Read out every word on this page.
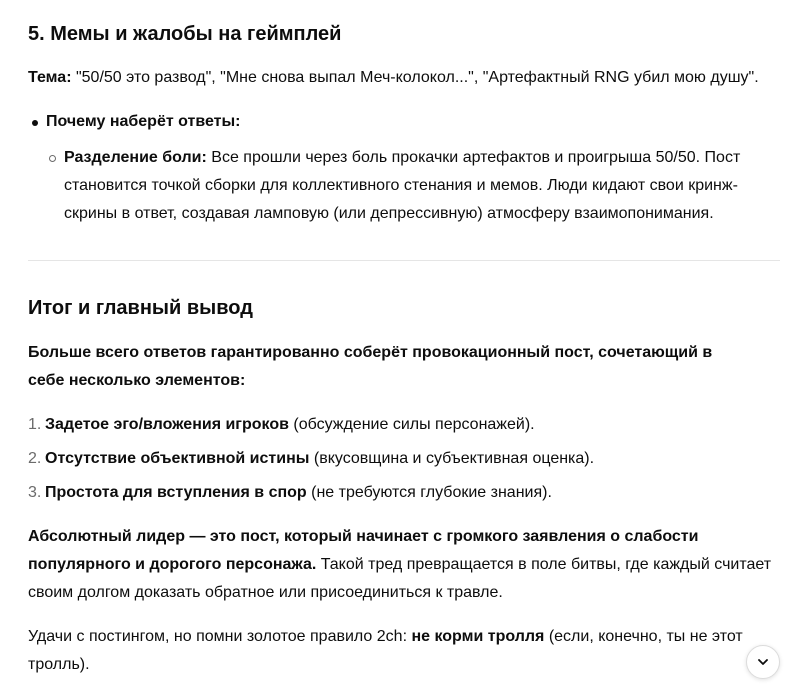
5. Мемы и жалобы на геймплей

Тема: "50/50 это развод", "Мне снова выпал Меч-колокол...", "Артефактный RNG убил мою душу".

Почему наберёт ответы:

Разделение боли: Все прошли через боль прокачки артефактов и проигрыша 50/50. Пост становится точкой сборки для коллективного стенания и мемов. Люди кидают свои кринж-скрины в ответ, создавая ламповую (или депрессивную) атмосферу взаимопонимания.

Итог и главный вывод

Больше всего ответов гарантированно соберёт провокационный пост, сочетающий в себе несколько элементов:

1. Задетое эго/вложения игроков (обсуждение силы персонажей).
2. Отсутствие объективной истины (вкусовщина и субъективная оценка).
3. Простота для вступления в спор (не требуются глубокие знания).

Абсолютный лидер — это пост, который начинает с громкого заявления о слабости популярного и дорогого персонажа. Такой тред превращается в поле битвы, где каждый считает своим долгом доказать обратное или присоединиться к травле.

Удачи с постингом, но помни золотое правило 2ch: не корми тролля (если, конечно, ты не этот тролль).
